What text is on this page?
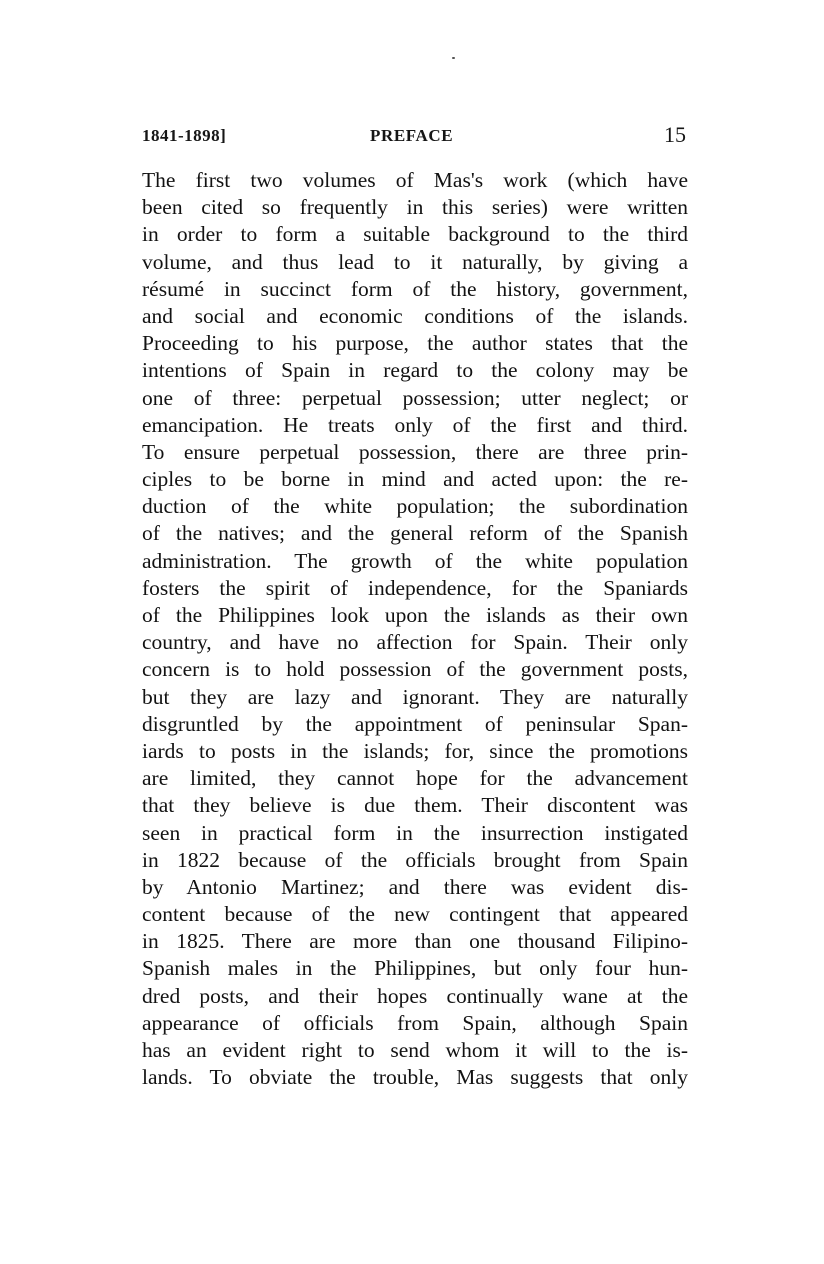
1841-1898]	PREFACE	15
The first two volumes of Mas's work (which have
been cited so frequently in this series) were written
in order to form a suitable background to the third
volume, and thus lead to it naturally, by giving a
résumé in succinct form of the history, government,
and social and economic conditions of the islands.
Proceeding to his purpose, the author states that the
intentions of Spain in regard to the colony may be
one of three: perpetual possession; utter neglect; or
emancipation. He treats only of the first and third.
To ensure perpetual possession, there are three prin-
ciples to be borne in mind and acted upon: the re-
duction of the white population; the subordination
of the natives; and the general reform of the Spanish
administration. The growth of the white population
fosters the spirit of independence, for the Spaniards
of the Philippines look upon the islands as their own
country, and have no affection for Spain. Their only
concern is to hold possession of the government posts,
but they are lazy and ignorant. They are naturally
disgruntled by the appointment of peninsular Span-
iards to posts in the islands; for, since the promotions
are limited, they cannot hope for the advancement
that they believe is due them. Their discontent was
seen in practical form in the insurrection instigated
in 1822 because of the officials brought from Spain
by Antonio Martinez; and there was evident dis-
content because of the new contingent that appeared
in 1825. There are more than one thousand Filipino-
Spanish males in the Philippines, but only four hun-
dred posts, and their hopes continually wane at the
appearance of officials from Spain, although Spain
has an evident right to send whom it will to the is-
lands. To obviate the trouble, Mas suggests that only
